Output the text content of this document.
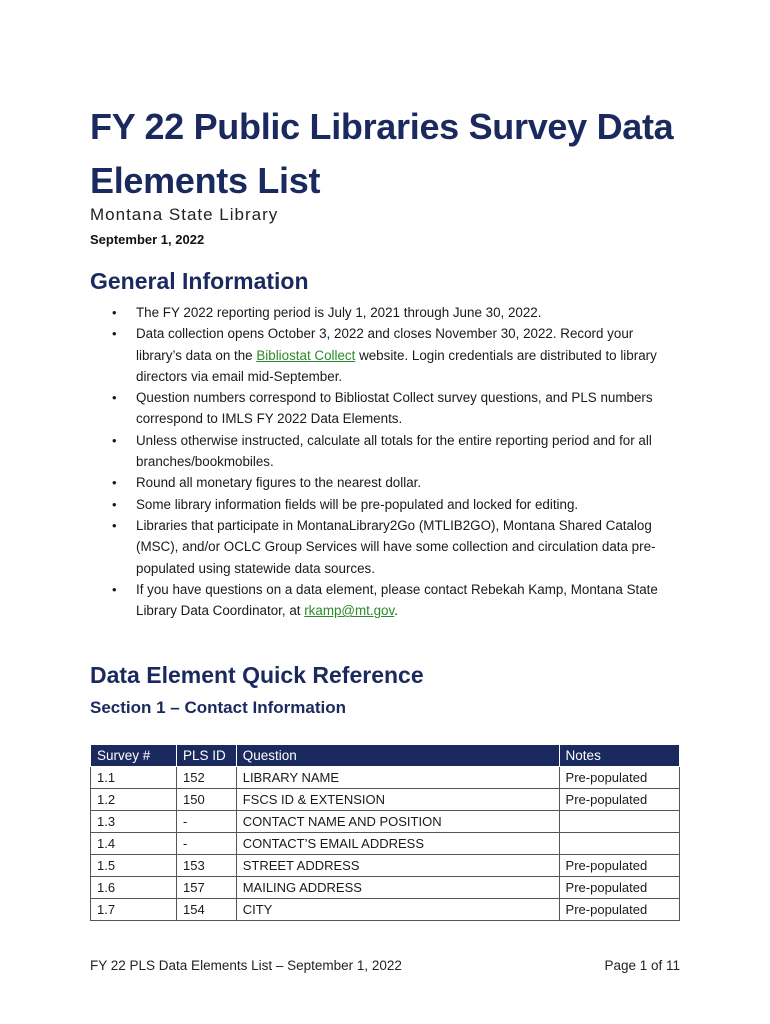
FY 22 Public Libraries Survey Data Elements List

Montana State Library

September 1, 2022

General Information
• The FY 2022 reporting period is July 1, 2021 through June 30, 2022.
• Data collection opens October 3, 2022 and closes November 30, 2022. Record your library’s data on the Bibliostat Collect website. Login credentials are distributed to library directors via email mid-September.
• Question numbers correspond to Bibliostat Collect survey questions, and PLS numbers correspond to IMLS FY 2022 Data Elements.
• Unless otherwise instructed, calculate all totals for the entire reporting period and for all branches/bookmobiles.
• Round all monetary figures to the nearest dollar.
• Some library information fields will be pre-populated and locked for editing.
• Libraries that participate in MontanaLibrary2Go (MTLIB2GO), Montana Shared Catalog (MSC), and/or OCLC Group Services will have some collection and circulation data pre-populated using statewide data sources.
• If you have questions on a data element, please contact Rebekah Kamp, Montana State Library Data Coordinator, at rkamp@mt.gov.
Data Element Quick Reference
Section 1 – Contact Information
Survey #	PLS ID	Question	Notes
1.1	152	LIBRARY NAME	Pre-populated
1.2	150	FSCS ID & EXTENSION	Pre-populated
1.3	-	CONTACT NAME AND POSITION	
1.4	-	CONTACT’S EMAIL ADDRESS	
1.5	153	STREET ADDRESS	Pre-populated
1.6	157	MAILING ADDRESS	Pre-populated
1.7	154	CITY	Pre-populated

FY 22 PLS Data Elements List – September 1, 2022	Page 1 of 11
